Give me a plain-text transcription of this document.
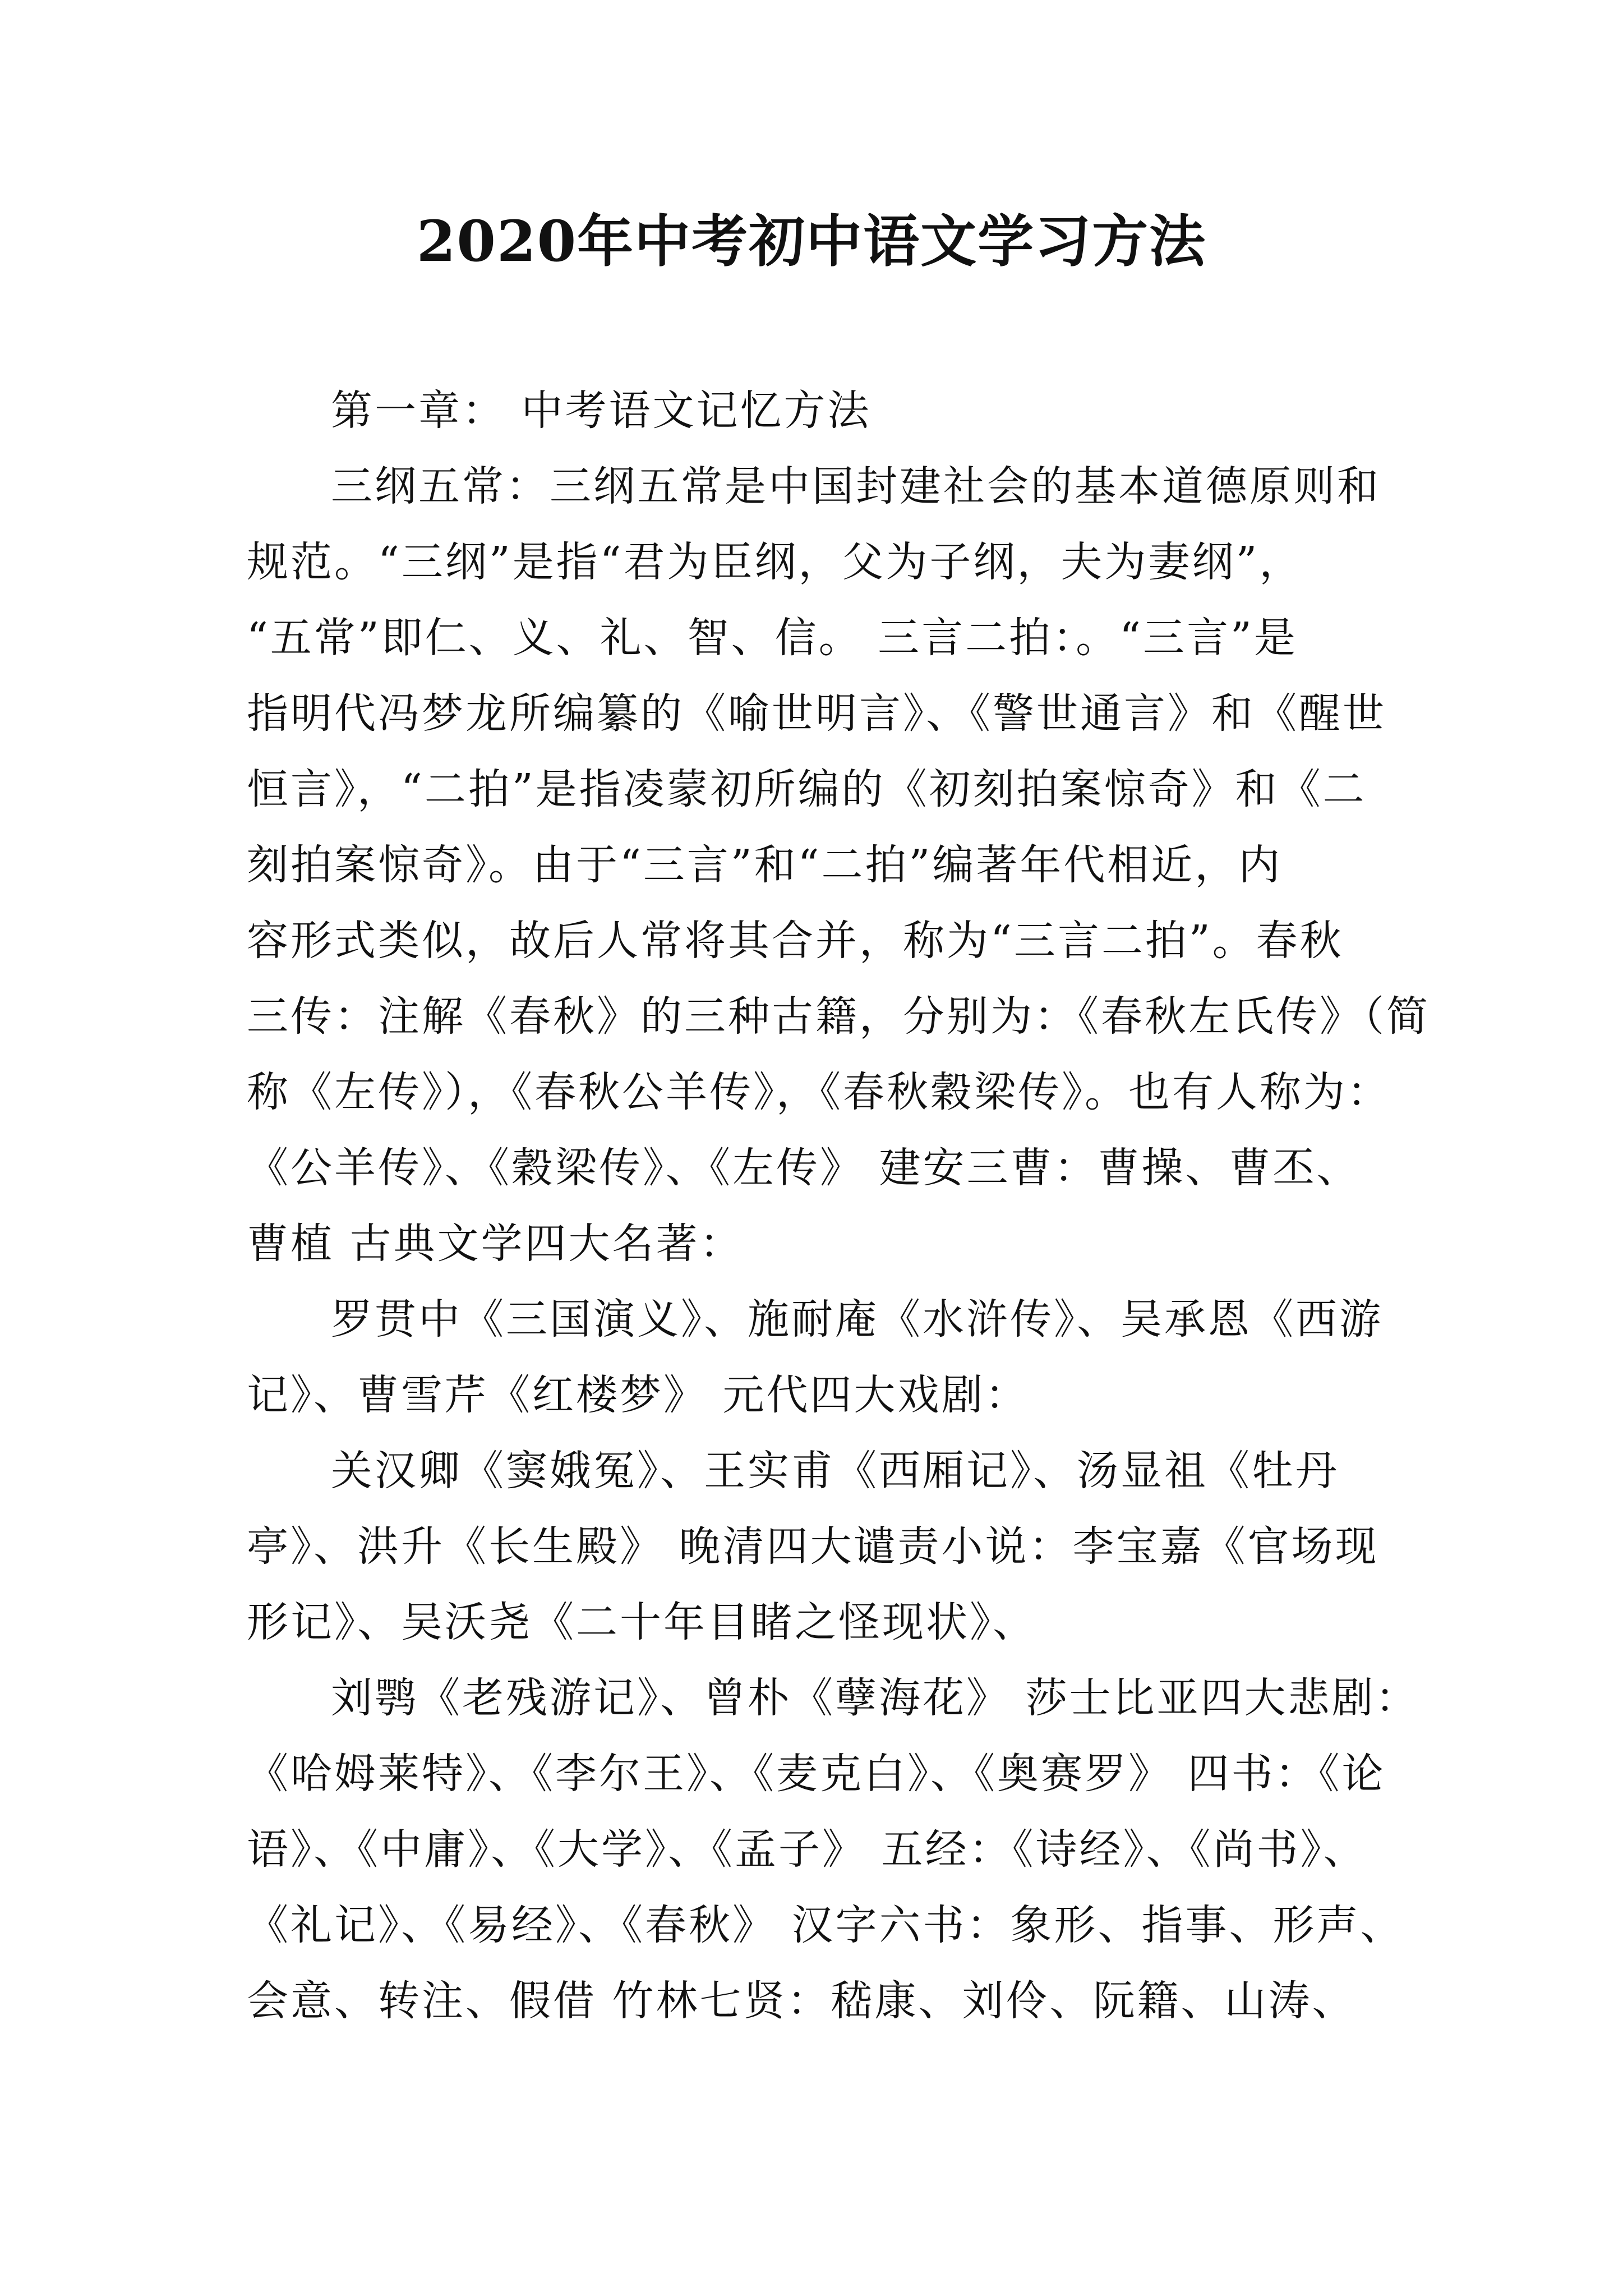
2020年中考初中语文学习方法
第一章： 中考语文记忆方法
三纲五常：三纲五常是中国封建社会的基本道德原则和
规范。“三纲”是指“君为臣纲，父为子纲，夫为妻纲”，
“五常”即仁、义、礼、智、信。 三言二拍：。“三言”是
指明代冯梦龙所编纂的《喻世明言》、《警世通言》和《醒世
恒言》，“二拍”是指凌蒙初所编的《初刻拍案惊奇》和《二
刻拍案惊奇》。由于“三言”和“二拍”编著年代相近，内
容形式类似，故后人常将其合并，称为“三言二拍”。春秋
三传：注解《春秋》的三种古籍，分别为：《春秋左氏传》（简
称《左传》），《春秋公羊传》，《春秋穀梁传》。也有人称为：
《公羊传》、《穀梁传》、《左传》 建安三曹：曹操、曹丕、
曹植 古典文学四大名著：
罗贯中《三国演义》、施耐庵《水浒传》、吴承恩《西游
记》、曹雪芹《红楼梦》 元代四大戏剧：
关汉卿《窦娥冤》、王实甫《西厢记》、汤显祖《牡丹
亭》、洪升《长生殿》 晚清四大谴责小说：李宝嘉《官场现
形记》、吴沃尧《二十年目睹之怪现状》、
刘鹗《老残游记》、曾朴《孽海花》 莎士比亚四大悲剧：
《哈姆莱特》、《李尔王》、《麦克白》、《奥赛罗》 四书：《论
语》、《中庸》、《大学》、《孟子》 五经：《诗经》、《尚书》、
《礼记》、《易经》、《春秋》 汉字六书：象形、指事、形声、
会意、转注、假借 竹林七贤：嵇康、刘伶、阮籍、山涛、
